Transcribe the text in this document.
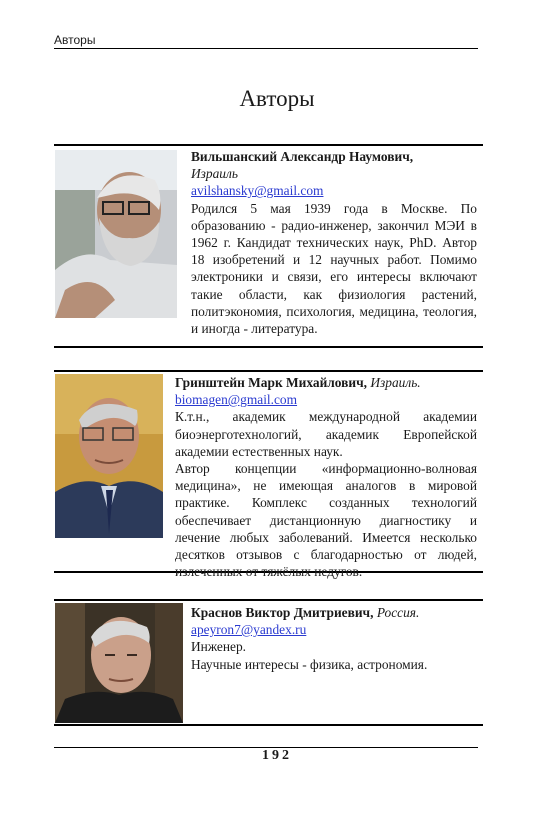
Авторы
Авторы
Вильшанский Александр Наумович,
Израиль
avilshansky@gmail.com
Родился 5 мая 1939 года в Москве. По образованию - радио-инженер, закончил МЭИ в 1962 г. Кандидат технических наук, PhD. Автор 18 изобретений и 12 научных работ. Помимо электроники и связи, его интересы включают такие области, как физиология растений, политэкономия, психология, медицина, теология, и иногда - литература.
Гринштейн Марк Михайлович, Израиль.
biomagen@gmail.com
К.т.н., академик международной академии биоэнерготехнологий, академик Европейской академии естественных наук.
Автор концепции «информационно-волновая медицина», не имеющая аналогов в мировой практике. Комплекс созданных технологий обеспечивает дистанционную диагностику и лечение любых заболеваний. Имеется несколько десятков отзывов с благодарностью от людей, излеченных от тяжёлых недугов.
Краснов Виктор Дмитриевич, Россия.
apeyron7@yandex.ru
Инженер.
Научные интересы - физика, астрономия.
192
